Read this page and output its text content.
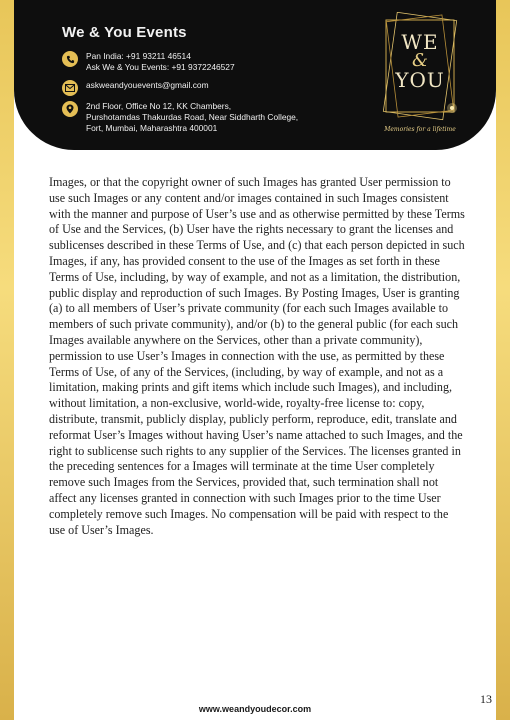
We & You Events
Pan India: +91 93211 46514
Ask We & You Events: +91 9372246527
askweandyouevents@gmail.com
2nd Floor, Office No 12, KK Chambers,
Purshotamdas Thakurdas Road, Near Siddharth College,
Fort, Mumbai, Maharashtra 400001
WE
&
YOU
Memories for a lifetime

Images, or that the copyright owner of such Images has granted User permission to use such Images or any content and/or images contained in such Images consistent with the manner and purpose of User’s use and as otherwise permitted by these Terms of Use and the Services, (b) User have the rights necessary to grant the licenses and sublicenses described in these Terms of Use, and (c) that each person depicted in such Images, if any, has provided consent to the use of the Images as set forth in these Terms of Use, including, by way of example, and not as a limitation, the distribution, public display and reproduction of such Images. By Posting Images, User is granting (a) to all members of User’s private community (for each such Images available to members of such private community), and/or (b) to the general public (for each such Images available anywhere on the Services, other than a private community), permission to use User’s Images in connection with the use, as permitted by these Terms of Use, of any of the Services, (including, by way of example, and not as a limitation, making prints and gift items which include such Images), and including, without limitation, a non-exclusive, world-wide, royalty-free license to: copy, distribute, transmit, publicly display, publicly perform, reproduce, edit, translate and reformat User’s Images without having User’s name attached to such Images, and the right to sublicense such rights to any supplier of the Services. The licenses granted in the preceding sentences for a Images will terminate at the time User completely remove such Images from the Services, provided that, such termination shall not affect any licenses granted in connection with such Images prior to the time User completely remove such Images. No compensation will be paid with respect to the use of User’s Images.

www.weandyoudecor.com
13
